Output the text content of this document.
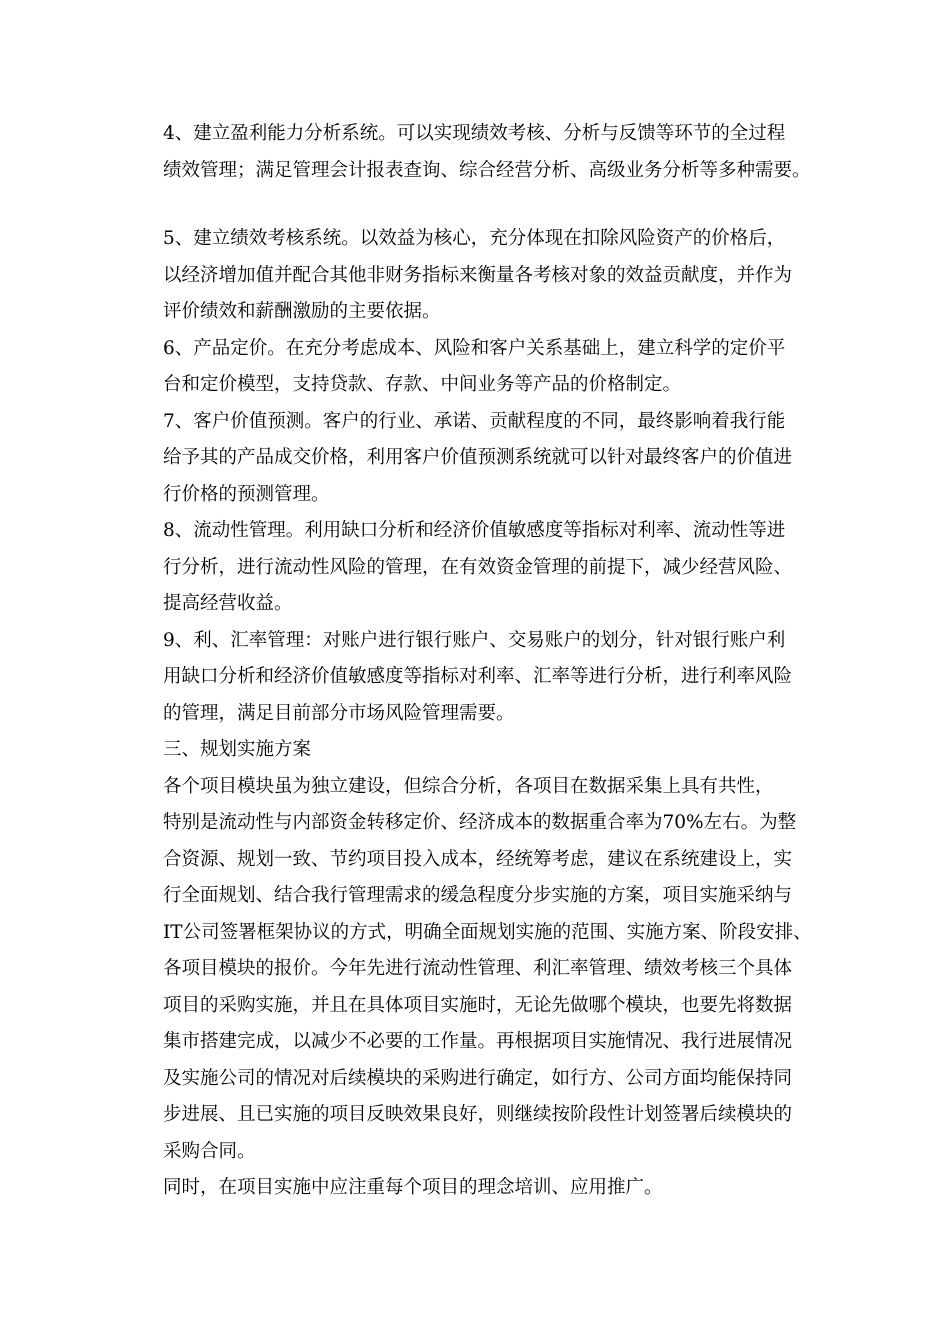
4、建立盈利能力分析系统。可以实现绩效考核、分析与反馈等环节的全过程
绩效管理；满足管理会计报表查询、综合经营分析、高级业务分析等多种需要。

5、建立绩效考核系统。以效益为核心，充分体现在扣除风险资产的价格后，
以经济增加值并配合其他非财务指标来衡量各考核对象的效益贡献度，并作为
评价绩效和薪酬激励的主要依据。

6、产品定价。在充分考虑成本、风险和客户关系基础上，建立科学的定价平
台和定价模型，支持贷款、存款、中间业务等产品的价格制定。

7、客户价值预测。客户的行业、承诺、贡献程度的不同，最终影响着我行能
给予其的产品成交价格，利用客户价值预测系统就可以针对最终客户的价值进
行价格的预测管理。

8、流动性管理。利用缺口分析和经济价值敏感度等指标对利率、流动性等进
行分析，进行流动性风险的管理，在有效资金管理的前提下，减少经营风险、
提高经营收益。

9、利、汇率管理：对账户进行银行账户、交易账户的划分，针对银行账户利
用缺口分析和经济价值敏感度等指标对利率、汇率等进行分析，进行利率风险
的管理，满足目前部分市场风险管理需要。

三、规划实施方案

各个项目模块虽为独立建设，但综合分析，各项目在数据采集上具有共性，
特别是流动性与内部资金转移定价、经济成本的数据重合率为70%左右。为整
合资源、规划一致、节约项目投入成本，经统筹考虑，建议在系统建设上，实
行全面规划、结合我行管理需求的缓急程度分步实施的方案，项目实施采纳与
IT公司签署框架协议的方式，明确全面规划实施的范围、实施方案、阶段安排、
各项目模块的报价。今年先进行流动性管理、利汇率管理、绩效考核三个具体
项目的采购实施，并且在具体项目实施时，无论先做哪个模块，也要先将数据
集市搭建完成，以减少不必要的工作量。再根据项目实施情况、我行进展情况
及实施公司的情况对后续模块的采购进行确定，如行方、公司方面均能保持同
步进展、且已实施的项目反映效果良好，则继续按阶段性计划签署后续模块的
采购合同。

同时，在项目实施中应注重每个项目的理念培训、应用推广。
